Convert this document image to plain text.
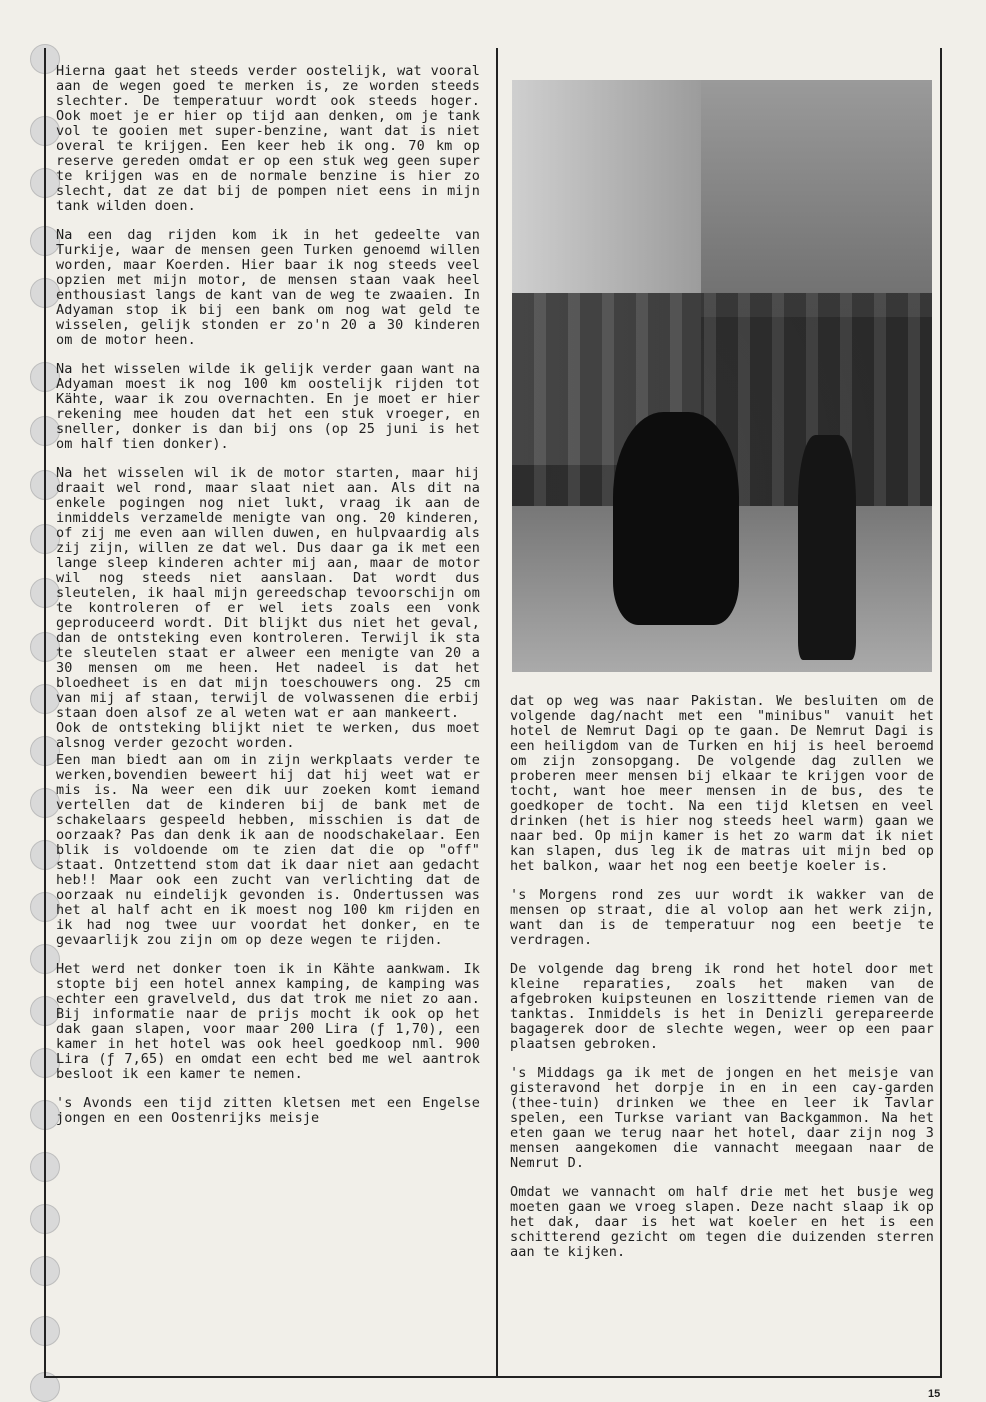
Hierna gaat het steeds verder oostelijk, wat vooral aan de wegen goed te merken is, ze worden steeds slechter. De temperatuur wordt ook steeds hoger. Ook moet je er hier op tijd aan denken, om je tank vol te gooien met super-benzine, want dat is niet overal te krijgen. Een keer heb ik ong. 70 km op reserve gereden omdat er op een stuk weg geen super te krijgen was en de normale benzine is hier zo slecht, dat ze dat bij de pompen niet eens in mijn tank wilden doen.

Na een dag rijden kom ik in het gedeelte van Turkije, waar de mensen geen Turken genoemd willen worden, maar Koerden. Hier baar ik nog steeds veel opzien met mijn motor, de mensen staan vaak heel enthousiast langs de kant van de weg te zwaaien. In Adyaman stop ik bij een bank om nog wat geld te wisselen, gelijk stonden er zo'n 20 a 30 kinderen om de motor heen.

Na het wisselen wilde ik gelijk verder gaan want na Adyaman moest ik nog 100 km oostelijk rijden tot Kähte, waar ik zou overnachten. En je moet er hier rekening mee houden dat het een stuk vroeger, en sneller, donker is dan bij ons (op 25 juni is het om half tien donker).

Na het wisselen wil ik de motor starten, maar hij draait wel rond, maar slaat niet aan. Als dit na enkele pogingen nog niet lukt, vraag ik aan de inmiddels verzamelde menigte van ong. 20 kinderen, of zij me even aan willen duwen, en hulpvaardig als zij zijn, willen ze dat wel. Dus daar ga ik met een lange sleep kinderen achter mij aan, maar de motor wil nog steeds niet aanslaan. Dat wordt dus sleutelen, ik haal mijn gereedschap tevoorschijn om te kontroleren of er wel iets zoals een vonk geproduceerd wordt. Dit blijkt dus niet het geval, dan de ontsteking even kontroleren. Terwijl ik sta te sleutelen staat er alweer een menigte van 20 a 30 mensen om me heen. Het nadeel is dat het bloedheet is en dat mijn toeschouwers ong. 25 cm van mij af staan, terwijl de volwassenen die erbij staan doen alsof ze al weten wat er aan mankeert.

Ook de ontsteking blijkt niet te werken, dus moet alsnog verder gezocht worden.

Een man biedt aan om in zijn werkplaats verder te werken,bovendien beweert hij dat hij weet wat er mis is. Na weer een dik uur zoeken komt iemand vertellen dat de kinderen bij de bank met de schakelaars gespeeld hebben, misschien is dat de oorzaak? Pas dan denk ik aan de noodschakelaar. Een blik is voldoende om te zien dat die op "off" staat. Ontzettend stom dat ik daar niet aan gedacht heb!! Maar ook een zucht van verlichting dat de oorzaak nu eindelijk gevonden is. Ondertussen was het al half acht en ik moest nog 100 km rijden en ik had nog twee uur voordat het donker, en te gevaarlijk zou zijn om op deze wegen te rijden.

Het werd net donker toen ik in Kähte aankwam. Ik stopte bij een hotel annex kamping, de kamping was echter een gravelveld, dus dat trok me niet zo aan. Bij informatie naar de prijs mocht ik ook op het dak gaan slapen, voor maar 200 Lira (ƒ 1,70), een kamer in het hotel was ook heel goedkoop nml. 900 Lira (ƒ 7,65) en omdat een echt bed me wel aantrok besloot ik een kamer te nemen.

's Avonds een tijd zitten kletsen met een Engelse jongen en een Oostenrijks meisje

dat op weg was naar Pakistan. We besluiten om de volgende dag/nacht met een "minibus" vanuit het hotel de Nemrut Dagi op te gaan. De Nemrut Dagi is een heiligdom van de Turken en hij is heel beroemd om zijn zonsopgang. De volgende dag zullen we proberen meer mensen bij elkaar te krijgen voor de tocht, want hoe meer mensen in de bus, des te goedkoper de tocht. Na een tijd kletsen en veel drinken (het is hier nog steeds heel warm) gaan we naar bed. Op mijn kamer is het zo warm dat ik niet kan slapen, dus leg ik de matras uit mijn bed op het balkon, waar het nog een beetje koeler is.

's Morgens rond zes uur wordt ik wakker van de mensen op straat, die al volop aan het werk zijn, want dan is de temperatuur nog een beetje te verdragen.

De volgende dag breng ik rond het hotel door met kleine reparaties, zoals het maken van de afgebroken kuipsteunen en loszittende riemen van de tanktas. Inmiddels is het in Denizli gerepareerde bagagerek door de slechte wegen, weer op een paar plaatsen gebroken.

's Middags ga ik met de jongen en het meisje van gisteravond het dorpje in en in een cay-garden (thee-tuin) drinken we thee en leer ik Tavlar spelen, een Turkse variant van Backgammon. Na het eten gaan we terug naar het hotel, daar zijn nog 3 mensen aangekomen die vannacht meegaan naar de Nemrut D.

Omdat we vannacht om half drie met het busje weg moeten gaan we vroeg slapen. Deze nacht slaap ik op het dak, daar is het wat koeler en het is een schitterend gezicht om tegen die duizenden sterren aan te kijken.

15
